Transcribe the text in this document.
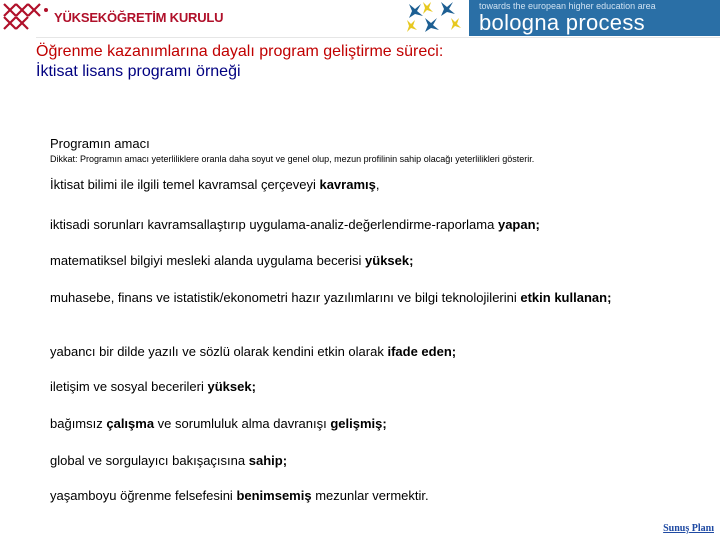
YÜKSEKÖĞRETİM KURULU
towards the european higher education area
bologna process
Öğrenme kazanımlarına dayalı program geliştirme süreci:
İktisat lisans programı örneği
Programın amacı
Dikkat: Programın amacı yeterliliklere oranla daha soyut ve genel olup, mezun profilinin sahip olacağı yeterlilikleri gösterir.
İktisat bilimi ile ilgili temel kavramsal çerçeveyi kavramış,
iktisadi sorunları kavramsallaştırıp uygulama-analiz-değerlendirme-raporlama yapan;
matematiksel bilgiyi mesleki alanda uygulama becerisi yüksek;
muhasebe, finans ve istatistik/ekonometri hazır yazılımlarını ve bilgi teknolojilerini etkin kullanan;
yabancı bir dilde yazılı ve sözlü olarak kendini etkin olarak ifade eden;
iletişim ve sosyal becerileri yüksek;
bağımsız çalışma ve sorumluluk alma davranışı gelişmiş;
global ve sorgulayıcı bakışaçısına sahip;
yaşamboyu öğrenme felsefesini benimsemiş mezunlar vermektir.
Sunuş Planı
